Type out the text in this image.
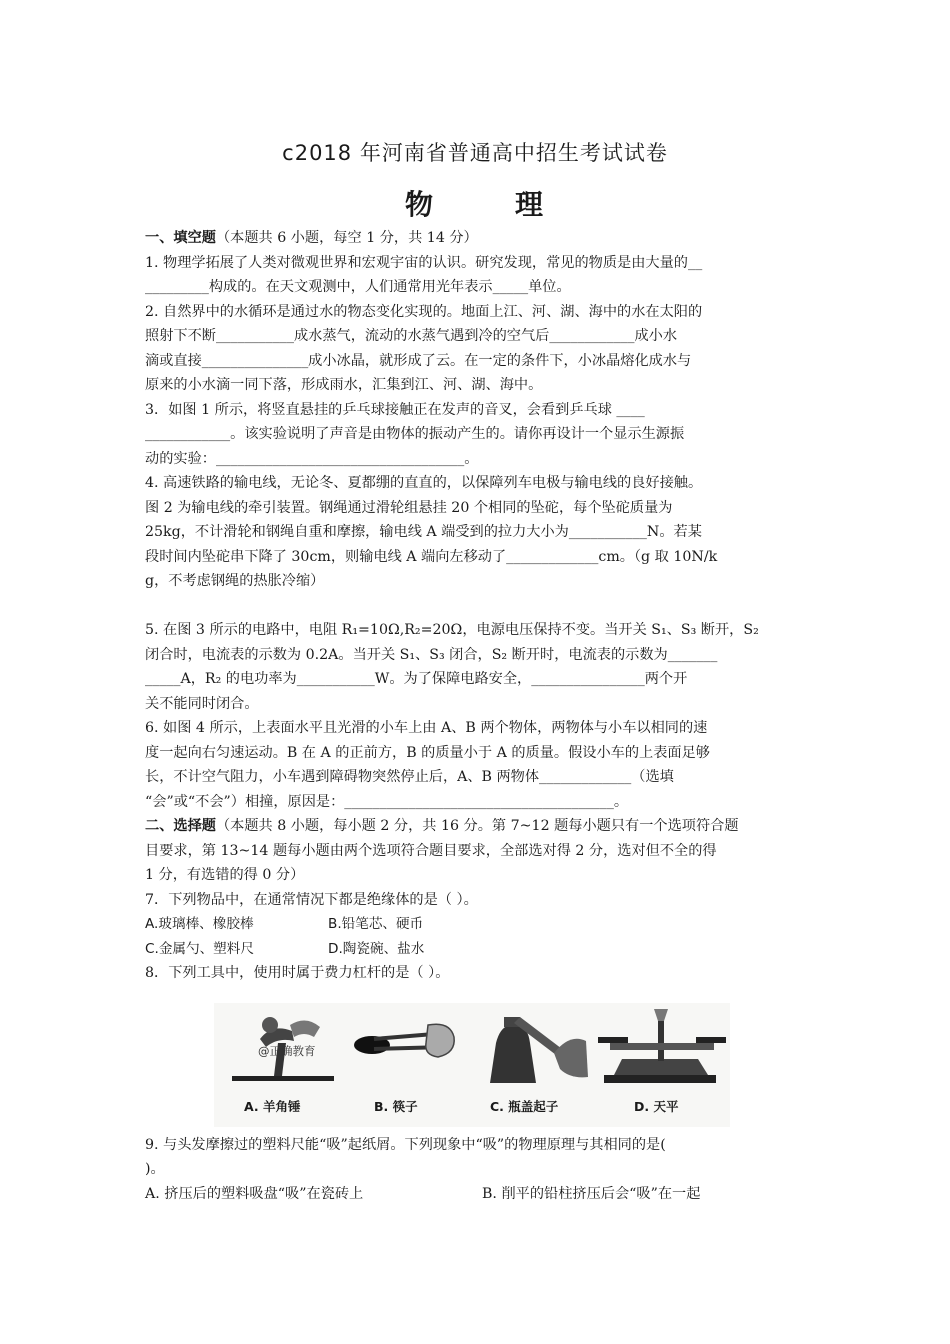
c2018 年河南省普通高中招生考试试卷
物	理
一、填空题（本题共 6 小题，每空 1 分，共 14 分）
1. 物理学拓展了人类对微观世界和宏观宇宙的认识。研究发现，常见的物质是由大量的__
_________构成的。在天文观测中，人们通常用光年表示_____单位。
2. 自然界中的水循环是通过水的物态变化实现的。地面上江、河、湖、海中的水在太阳的
照射下不断___________成水蒸气，流动的水蒸气遇到冷的空气后____________成小水
滴或直接_______________成小冰晶，就形成了云。在一定的条件下，小冰晶熔化成水与
原来的小水滴一同下落，形成雨水，汇集到江、河、湖、海中。
3．如图 1 所示，将竖直悬挂的乒乓球接触正在发声的音叉，会看到乒乓球 ____
____________。该实验说明了声音是由物体的振动产生的。请你再设计一个显示生源振
动的实验：___________________________________。
4. 高速铁路的输电线，无论冬、夏都绷的直直的，以保障列车电极与输电线的良好接触。
图 2 为输电线的牵引装置。钢绳通过滑轮组悬挂 20 个相同的坠砣，每个坠砣质量为
25kg，不计滑轮和钢绳自重和摩擦，输电线 A 端受到的拉力大小为___________N。若某
段时间内坠砣串下降了 30cm，则输电线 A 端向左移动了_____________cm。（g 取 10N/k
g，不考虑钢绳的热胀冷缩）
5. 在图 3 所示的电路中，电阻 R₁=10Ω,R₂=20Ω，电源电压保持不变。当开关 S₁、S₃ 断开，S₂
闭合时，电流表的示数为 0.2A。当开关 S₁、S₃ 闭合，S₂ 断开时，电流表的示数为_______
_____A，R₂ 的电功率为___________W。为了保障电路安全，________________两个开
关不能同时闭合。
6. 如图 4 所示，上表面水平且光滑的小车上由 A、B 两个物体，两物体与小车以相同的速
度一起向右匀速运动。B 在 A 的正前方，B 的质量小于 A 的质量。假设小车的上表面足够
长，不计空气阻力，小车遇到障碍物突然停止后，A、B 两物体_____________（选填
“会”或“不会”）相撞，原因是：______________________________________。
二、选择题（本题共 8 小题，每小题 2 分，共 16 分。第 7~12 题每小题只有一个选项符合题
目要求，第 13~14 题每小题由两个选项符合题目要求，全部选对得 2 分，选对但不全的得
1 分，有选错的得 0 分）
7．下列物品中，在通常情况下都是绝缘体的是（ ）。
A.玻璃棒、橡胶棒	B.铅笔芯、硬币
C.金属勺、塑料尺	D.陶瓷碗、盐水
8．下列工具中，使用时属于费力杠杆的是（ ）。
9. 与头发摩擦过的塑料尺能“吸”起纸屑。下列现象中“吸”的物理原理与其相同的是(
)。
A. 挤压后的塑料吸盘“吸”在瓷砖上	B. 削平的铅柱挤压后会“吸”在一起
@正确教育
A. 羊角锤	B. 筷子	C. 瓶盖起子	D. 天平
